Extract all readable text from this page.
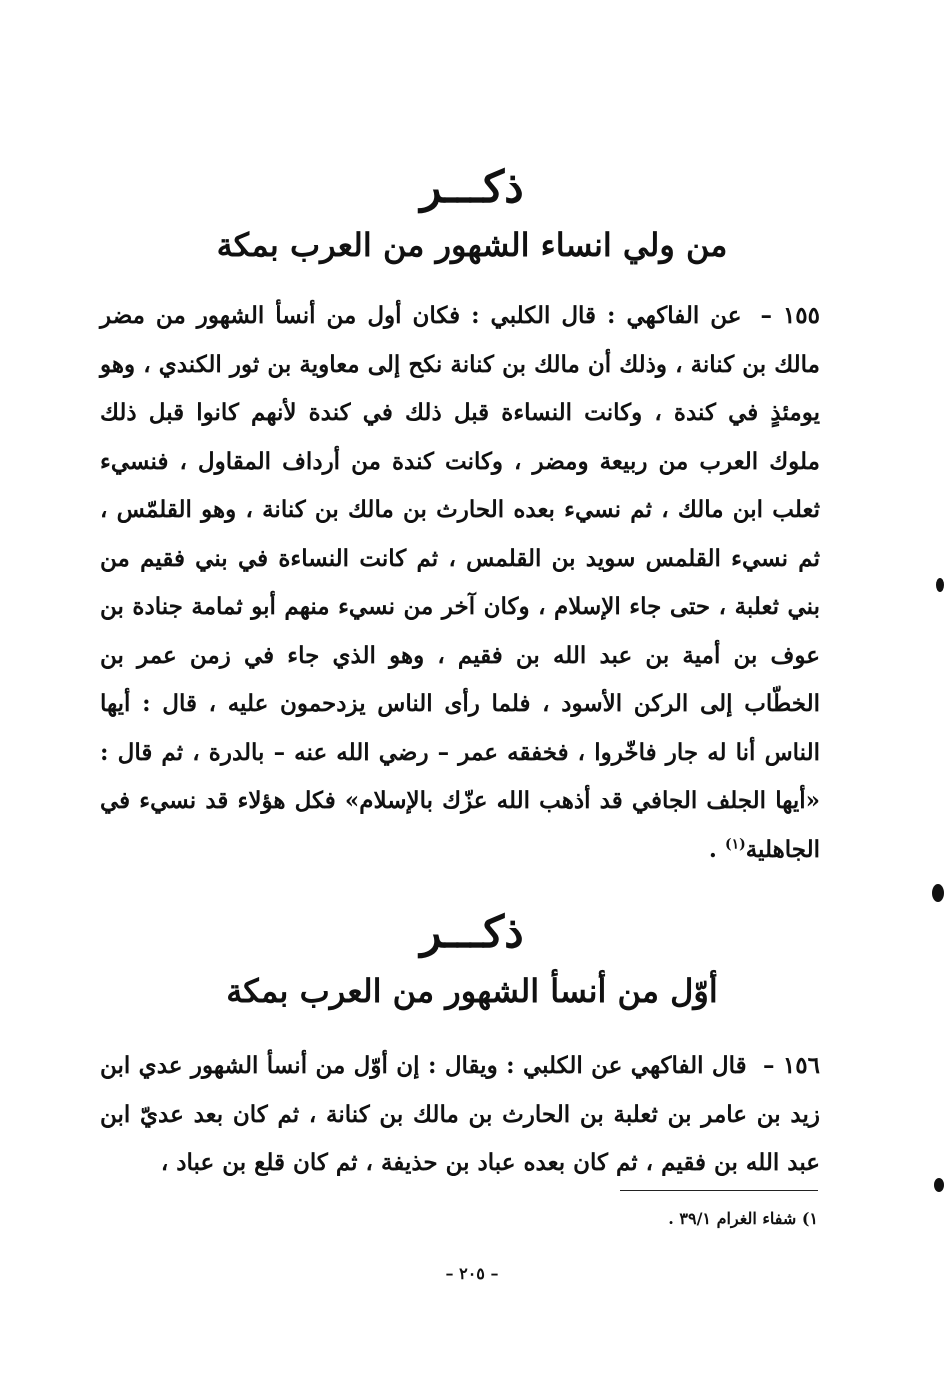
ذكـــر
من ولي انساء الشهور من العرب بمكة
١٥٥ – عن الفاكهي : قال الكلبي : فكان أول من أنسأ الشهور من مضر مالك بن كنانة ، وذلك أن مالك بن كنانة نكح إلى معاوية بن ثور الكندي ، وهو يومئذٍ في كندة ، وكانت النساءة قبل ذلك في كندة لأنهم كانوا قبل ذلك ملوك العرب من ربيعة ومضر ، وكانت كندة من أرداف المقاول ، فنسيء ثعلب ابن مالك ، ثم نسيء بعده الحارث بن مالك بن كنانة ، وهو القلمّس ، ثم نسيء القلمس سويد بن القلمس ، ثم كانت النساءة في بني فقيم من بني ثعلبة ، حتى جاء الإسلام ، وكان آخر من نسيء منهم أبو ثمامة جنادة بن عوف بن أمية بن عبد الله بن فقيم ، وهو الذي جاء في زمن عمر بن الخطّاب إلى الركن الأسود ، فلما رأى الناس يزدحمون عليه ، قال : أيها الناس أنا له جار فاخّروا ، فخفقه عمر – رضي الله عنه – بالدرة ، ثم قال : «أيها الجلف الجافي قد أذهب الله عزّك بالإسلام» فكل هؤلاء قد نسيء في الجاهلية$^{(١)}$ .
ذكـــر
أوّل من أنسأ الشهور من العرب بمكة
١٥٦ – قال الفاكهي عن الكلبي : ويقال : إن أوّل من أنسأ الشهور عدي ابن زيد بن عامر بن ثعلبة بن الحارث بن مالك بن كنانة ، ثم كان بعد عديّ ابن عبد الله بن فقيم ، ثم كان بعده عباد بن حذيفة ، ثم كان قلع بن عباد ،
١) شفاء الغرام ٣٩/١ .
– ٢٠٥ –
